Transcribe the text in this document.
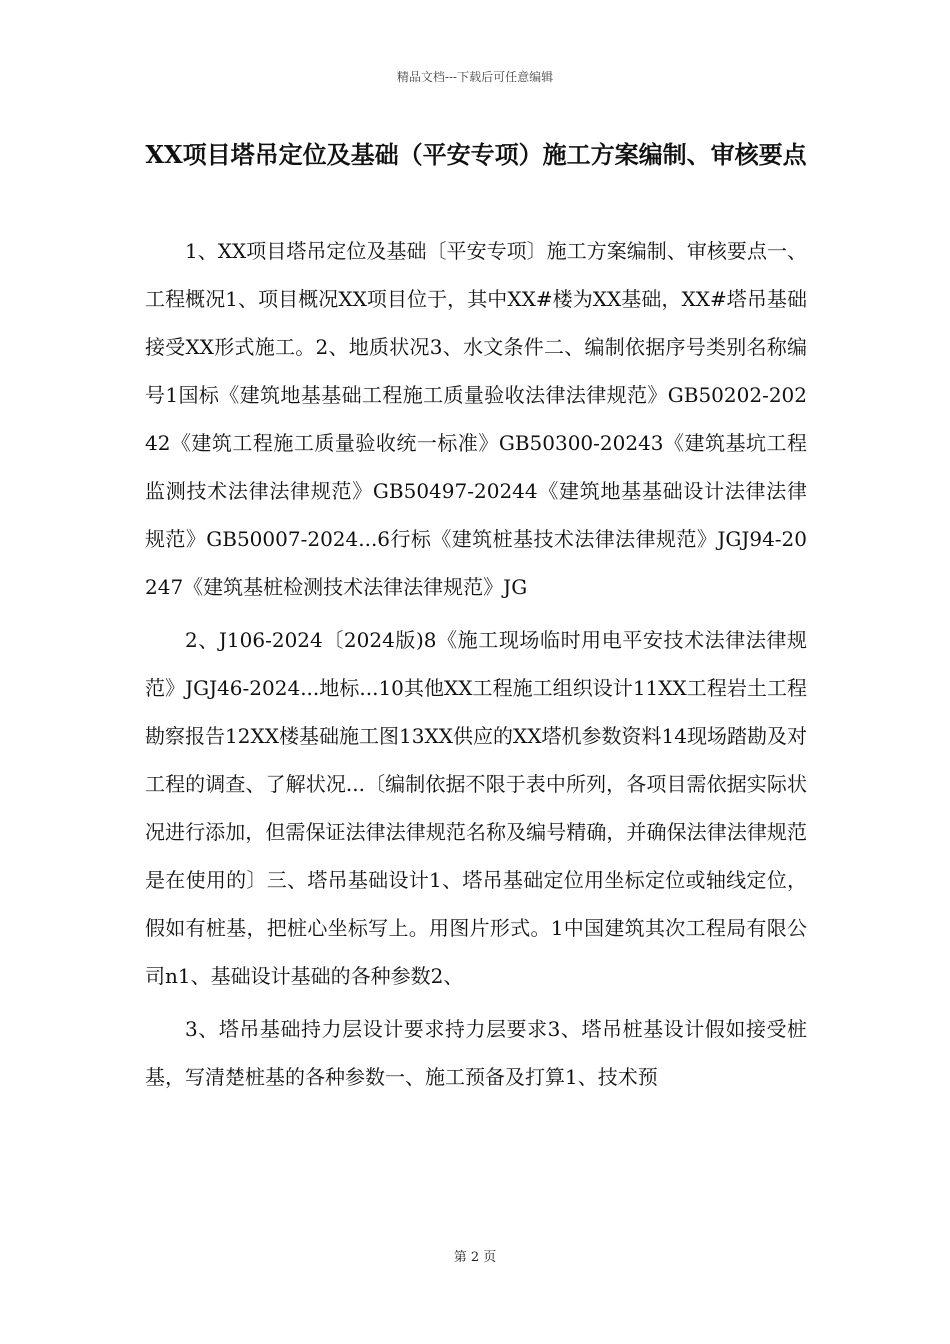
精品文档---下载后可任意编辑
XX项目塔吊定位及基础（平安专项）施工方案编制、审核要点

1、XX项目塔吊定位及基础〔平安专项〕施工方案编制、审核要点一、工程概况1、项目概况XX项目位于，其中XX#楼为XX基础，XX#塔吊基础接受XX形式施工。2、地质状况3、水文条件二、编制依据序号类别名称编号1国标《建筑地基基础工程施工质量验收法律法律规范》GB50202-20242《建筑工程施工质量验收统一标准》GB50300-20243《建筑基坑工程监测技术法律法律规范》GB50497-20244《建筑地基基础设计法律法律规范》GB50007-2024...6行标《建筑桩基技术法律法律规范》JGJ94-20247《建筑基桩检测技术法律法律规范》JG

2、J106-2024〔2024版)8《施工现场临时用电平安技术法律法律规范》JGJ46-2024...地标...10其他XX工程施工组织设计11XX工程岩土工程勘察报告12XX楼基础施工图13XX供应的XX塔机参数资料14现场踏勘及对工程的调查、了解状况...〔编制依据不限于表中所列，各项目需依据实际状况进行添加，但需保证法律法律规范名称及编号精确，并确保法律法律规范是在使用的〕三、塔吊基础设计1、塔吊基础定位用坐标定位或轴线定位，假如有桩基，把桩心坐标写上。用图片形式。1中国建筑其次工程局有限公司n1、基础设计基础的各种参数2、

3、塔吊基础持力层设计要求持力层要求3、塔吊桩基设计假如接受桩基，写清楚桩基的各种参数一、施工预备及打算1、技术预

第 2 页
